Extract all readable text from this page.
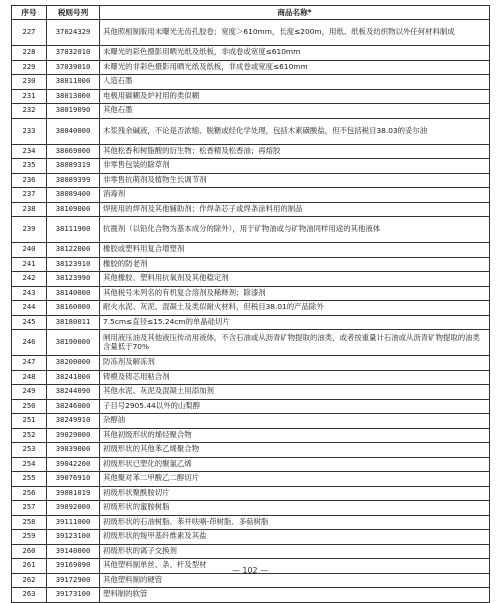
序号	税则号列	商品名称*
227	37024329	其他照相制版用未曝光无齿孔胶卷；宽度＞610mm，长度≤200m，用纸、纸板及纺织物以外任何材料制成
228	37032010	未曝光的彩色摄影用晒光纸及纸板，非成卷或宽度≤610mm
229	37039010	未曝光的非彩色摄影用晒光纸及纸板，非成卷或宽度≤610mm
230	38011000	人造石墨
231	38013000	电极用碳糊及炉衬用的类似糊
232	38019090	其他石墨
233	38040000	木浆残余碱液，不论是否浓缩、脱糖或经化学处理，包括木素磺酸盐，但不包括税目38.03的妥尔油
234	38069000	其他松香和树脂酸的衍生物；松香精及松香油；再熔胶
235	38089319	非零售包装的除草剂
236	38089399	非零售抗萌剂及植物生长调节剂
237	38089400	消毒剂
238	38109000	焊接用的焊剂及其他辅助剂；作焊条芯子或焊条涂料用的制品
239	38111900	抗震剂（以铅化合物为基本成分的除外），用于矿物油或与矿物油同样用途的其他液体
240	38122000	橡胶或塑料用复合增塑剂
241	38123910	橡胶的防老剂
242	38123990	其他橡胶、塑料用抗氧剂及其他稳定剂
243	38140000	其他税号未列名的有机复合溶剂及稀释剂；除漆剂
244	38160000	耐火水泥、灰泥、混凝土及类似耐火材料，但税目38.01的产品除外
245	38180011	7.5cm≤直径≤15.24cm的单晶硅切片
246	38190000	闸用液压油及其他液压传动用液体，不含石油或从沥青矿物提取的油类，或者按重量计石油或从沥青矿物提取的油类含量低于70%
247	38200000	防冻剂及解冻剂
248	38241000	铸模及铸芯用粘合剂
249	38244090	其他水泥、灰泥及混凝土用添加剂
250	38246000	子目号2905.44以外的山梨醇
251	38249910	杂醇油
252	39029000	其他初级形状的烯烃聚合物
253	39039000	初级形状的其他苯乙烯聚合物
254	39042200	初级形状已塑化的聚氯乙烯
255	39076910	其他聚对苯二甲酸乙二醇切片
256	39081019	初级形状聚酰胺切片
257	39092000	初级形状的蜜胺树脂
258	39111000	初级形状的石油树脂、苯并呋喃-茚树脂、多萜树脂
259	39123100	初级形状的羧甲基纤维素及其盐
260	39140000	初级形状的离子交换剂
261	39169090	其他塑料制单丝、条、杆及型材
262	39172900	其他塑料制的硬管
263	39173100	塑料制的软管
— 102 —
